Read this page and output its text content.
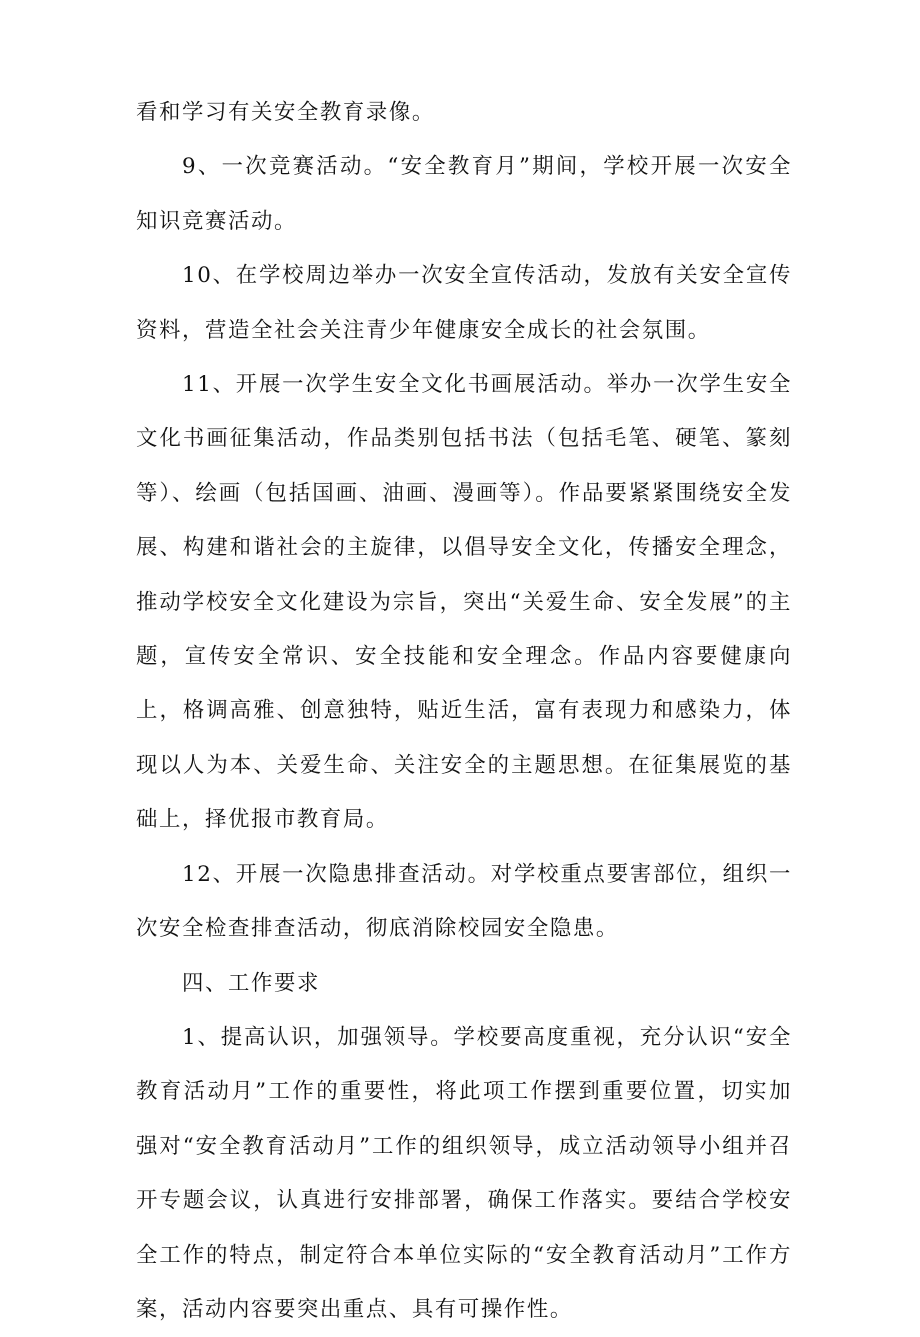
看和学习有关安全教育录像。

9、一次竞赛活动。“安全教育月”期间，学校开展一次安全知识竞赛活动。

10、在学校周边举办一次安全宣传活动，发放有关安全宣传资料，营造全社会关注青少年健康安全成长的社会氛围。

11、开展一次学生安全文化书画展活动。举办一次学生安全文化书画征集活动，作品类别包括书法（包括毛笔、硬笔、篆刻等）、绘画（包括国画、油画、漫画等）。作品要紧紧围绕安全发展、构建和谐社会的主旋律，以倡导安全文化，传播安全理念，推动学校安全文化建设为宗旨，突出“关爱生命、安全发展”的主题，宣传安全常识、安全技能和安全理念。作品内容要健康向上，格调高雅、创意独特，贴近生活，富有表现力和感染力，体现以人为本、关爱生命、关注安全的主题思想。在征集展览的基础上，择优报市教育局。

12、开展一次隐患排查活动。对学校重点要害部位，组织一次安全检查排查活动，彻底消除校园安全隐患。

四、工作要求

1、提高认识，加强领导。学校要高度重视，充分认识“安全教育活动月”工作的重要性，将此项工作摆到重要位置，切实加强对“安全教育活动月”工作的组织领导，成立活动领导小组并召开专题会议，认真进行安排部署，确保工作落实。要结合学校安全工作的特点，制定符合本单位实际的“安全教育活动月”工作方案，活动内容要突出重点、具有可操作性。
